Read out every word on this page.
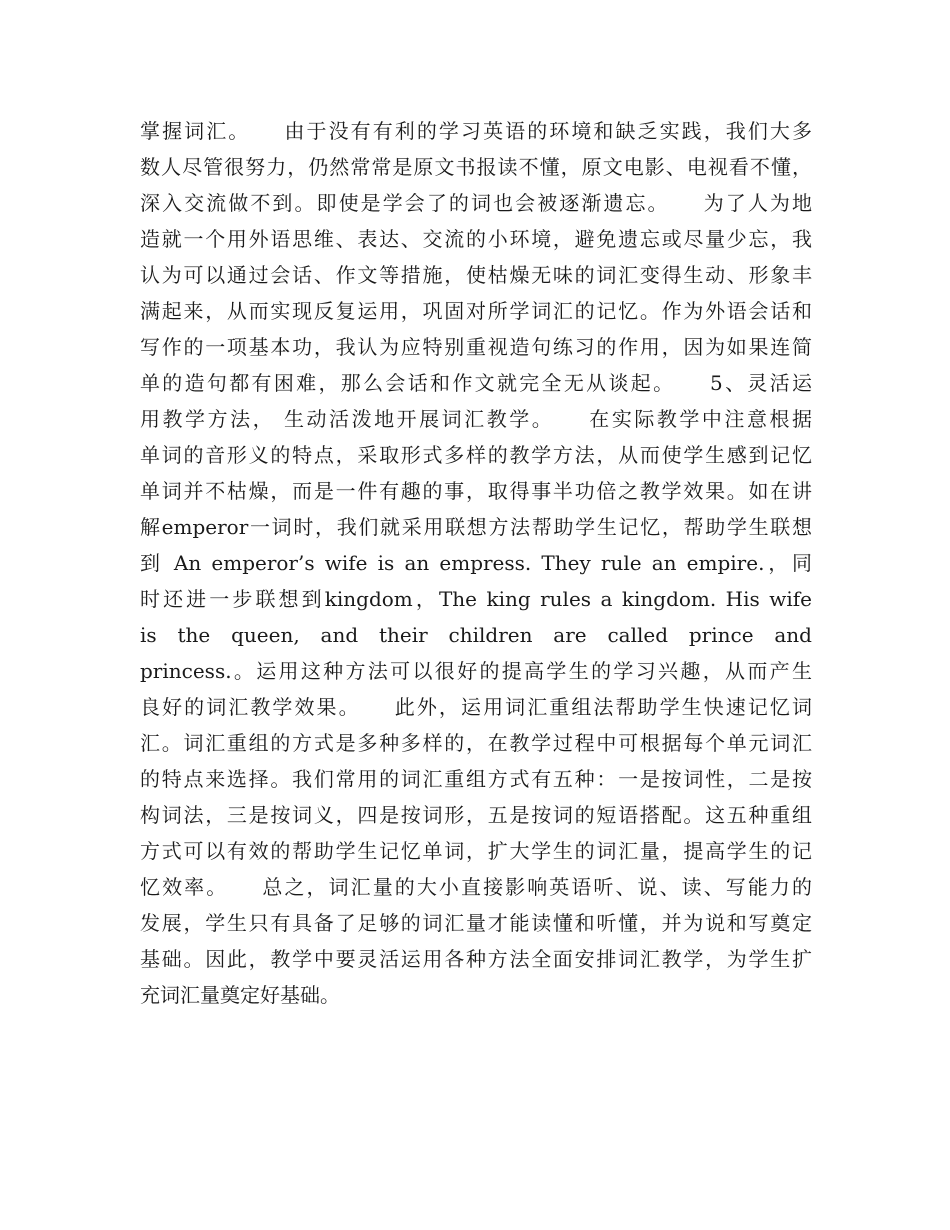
掌握词汇。　　由于没有有利的学习英语的环境和缺乏实践，我们大多
数人尽管很努力，仍然常常是原文书报读不懂，原文电影、电视看不懂，
深入交流做不到。即使是学会了的词也会被逐渐遗忘。　　为了人为地
造就一个用外语思维、表达、交流的小环境，避免遗忘或尽量少忘，我
认为可以通过会话、作文等措施，使枯燥无味的词汇变得生动、形象丰
满起来，从而实现反复运用，巩固对所学词汇的记忆。作为外语会话和
写作的一项基本功，我认为应特别重视造句练习的作用，因为如果连简
单的造句都有困难，那么会话和作文就完全无从谈起。　　5、灵活运
用教学方法， 生动活泼地开展词汇教学。　　在实际教学中注意根据
单词的音形义的特点，采取形式多样的教学方法，从而使学生感到记忆
单词并不枯燥，而是一件有趣的事，取得事半功倍之教学效果。如在讲
解emperor一词时，我们就采用联想方法帮助学生记忆，帮助学生联想
到 An emperor’s wife is an empress. They rule an empire.，同
时还进一步联想到kingdom，The king rules a kingdom. His wife
is the queen, and their children are called prince and
princess.。运用这种方法可以很好的提高学生的学习兴趣，从而产生
良好的词汇教学效果。　　此外，运用词汇重组法帮助学生快速记忆词
汇。词汇重组的方式是多种多样的，在教学过程中可根据每个单元词汇
的特点来选择。我们常用的词汇重组方式有五种：一是按词性，二是按
构词法，三是按词义，四是按词形，五是按词的短语搭配。这五种重组
方式可以有效的帮助学生记忆单词，扩大学生的词汇量，提高学生的记
忆效率。　　总之，词汇量的大小直接影响英语听、说、读、写能力的
发展，学生只有具备了足够的词汇量才能读懂和听懂，并为说和写奠定
基础。因此，教学中要灵活运用各种方法全面安排词汇教学，为学生扩
充词汇量奠定好基础。
